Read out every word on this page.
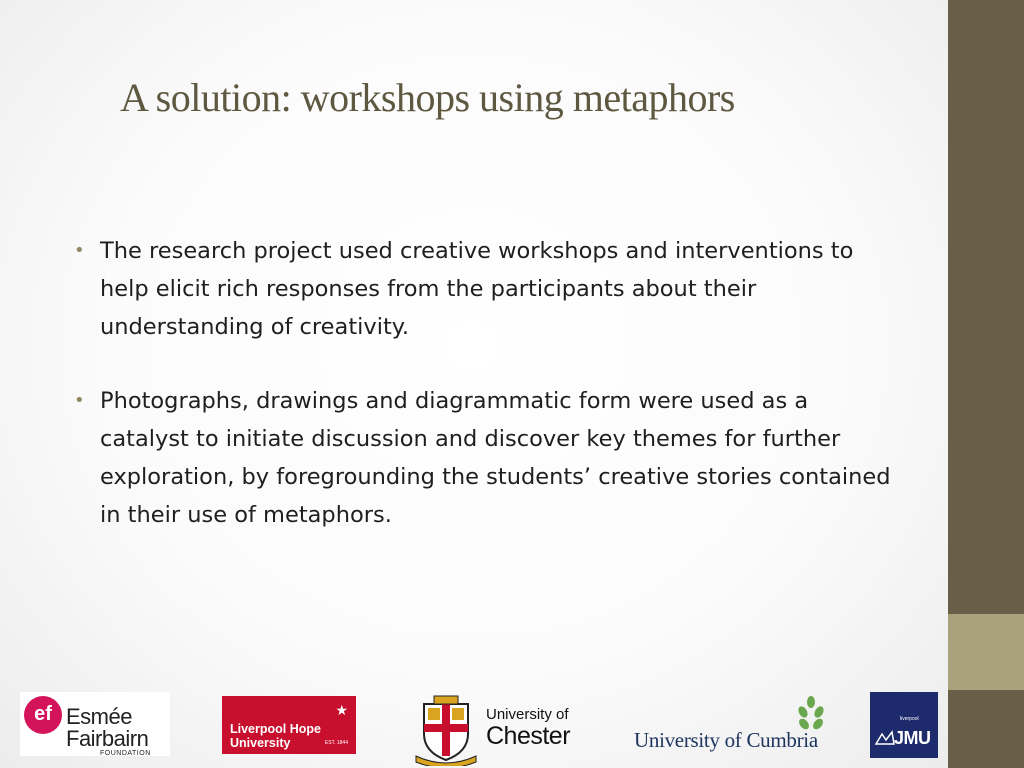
A solution: workshops using metaphors
• The research project used creative workshops and interventions to help elicit rich responses from the participants about their understanding of creativity.
• Photographs, drawings and diagrammatic form were used as a catalyst to initiate discussion and discover key themes for further exploration, by foregrounding the students’ creative stories contained in their use of metaphors.
ef Esmée
Fairbairn
FOUNDATION
★
Liverpool Hope
University	EST. 1844
University of
Chester	University of Cumbria
liverpool
JMU
